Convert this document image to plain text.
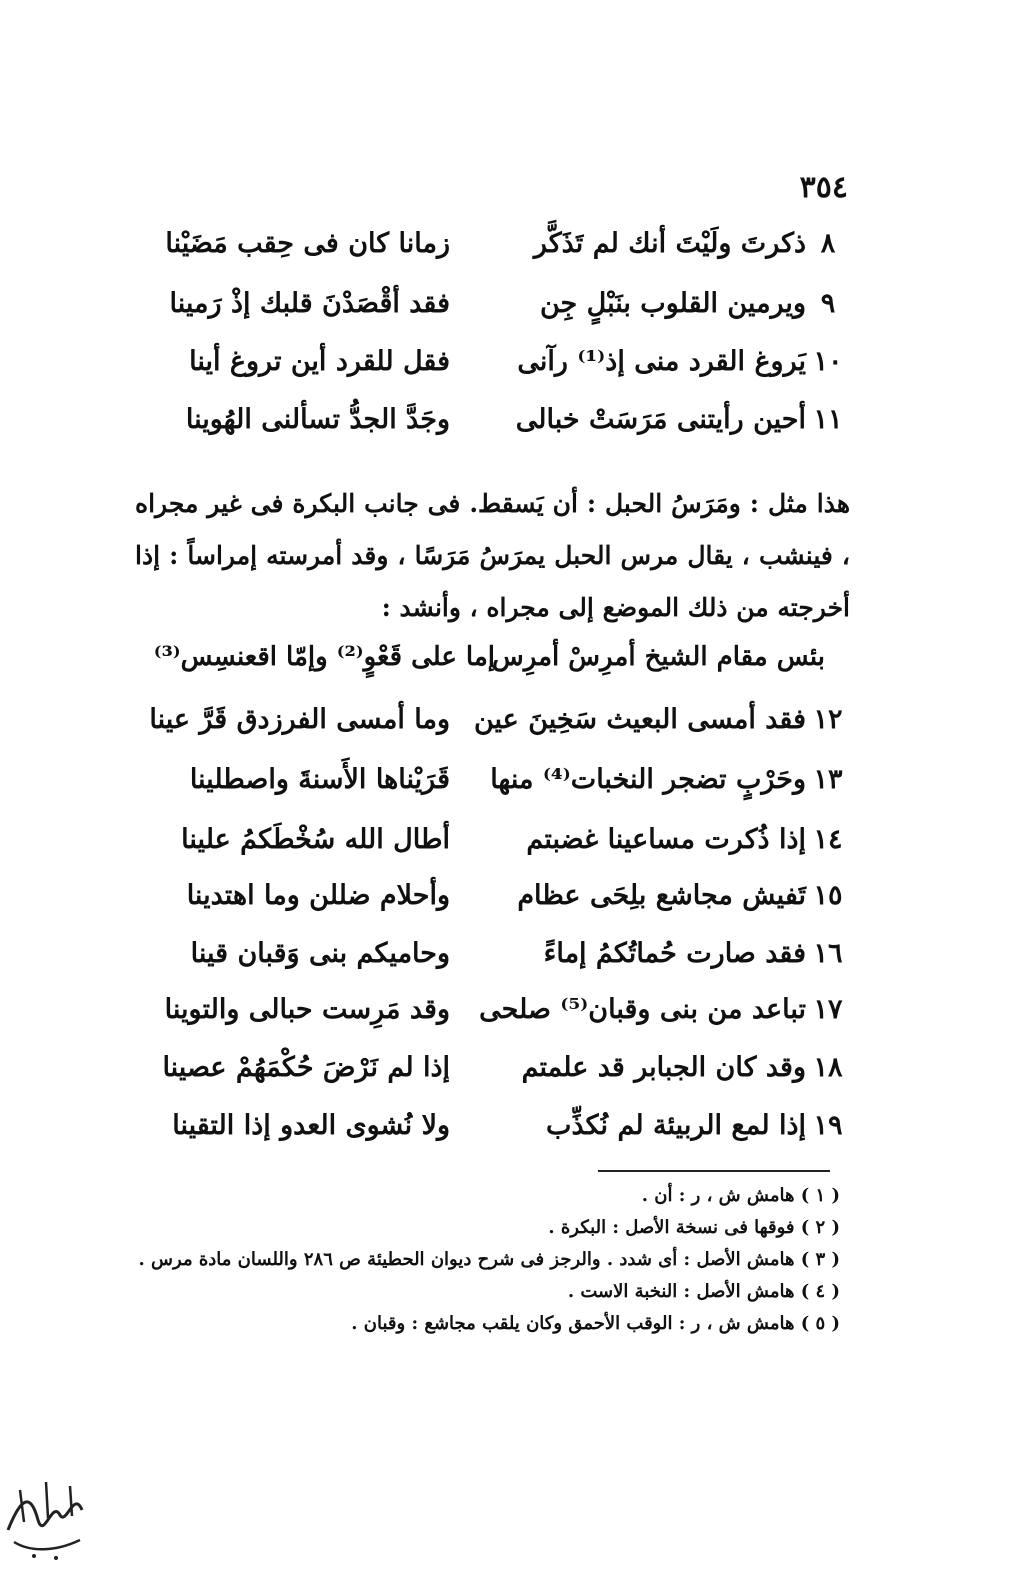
٣٥٤
٨
ذكرتَ ولَيْتَ أنك لم تَذَكَّر
زمانا كان فى حِقب مَضَيْنا
٩
ويرمين القلوب بنَبْلٍ جِن
فقد أقْصَدْنَ قلبك إذْ رَمينا
١٠
يَروغ القرد منى إذ⁽¹⁾ رآنى
فقل للقرد أين تروغ أينا
١١
أحين رأيتنى مَرَسَتْ خبالى
وجَدَّ الجدُّ تسألنى الهُوينا
هذا مثل : ومَرَسُ الحبل : أن يَسقط. فى جانب البكرة فى غير مجراه ، فينشب ، يقال مرس الحبل يمرَسُ مَرَسًا ، وقد أمرسته إمراساً : إذا أخرجته من ذلك الموضع إلى مجراه ، وأنشد :
بئس مقام الشيخ أمرِسْ أمرِس
إما على قَعْوٍ⁽²⁾ وإمّا اقعنسِس⁽³⁾
١٢
فقد أمسى البعيث سَخِينَ عين
وما أمسى الفرزدق قَرَّ عينا
١٣
وحَرْبٍ تضجر النخبات⁽⁴⁾ منها
قَرَيْناها الأَسنةَ واصطلينا
١٤
إذا ذُكرت مساعينا غضبتم
أطال الله سُخْطَكمُ علينا
١٥
تَفيش مجاشع بلِحَى عظام
وأحلام ضللن وما اهتدينا
١٦
فقد صارت حُماتُكمُ إماءً
وحاميكم بنى وَقبان قينا
١٧
تباعد من بنى وقبان⁽⁵⁾ صلحى
وقد مَرِست حبالى والتوينا
١٨
وقد كان الجبابر قد علمتم
إذا لم نَرْضَ حُكْمَهُمْ عصينا
١٩
إذا لمع الربيئة لم نُكذِّب
ولا نُشوى العدو إذا التقينا
( ١ ) هامش ش ، ر : أن .
( ٢ ) فوقها فى نسخة الأصل : البكرة .
( ٣ ) هامش الأصل : أى شدد . والرجز فى شرح ديوان الحطيئة ص ٢٨٦ واللسان مادة مرس .
( ٤ ) هامش الأصل : النخبة الاست .
( ٥ ) هامش ش ، ر : الوقب الأحمق وكان يلقب مجاشع : وقبان .
